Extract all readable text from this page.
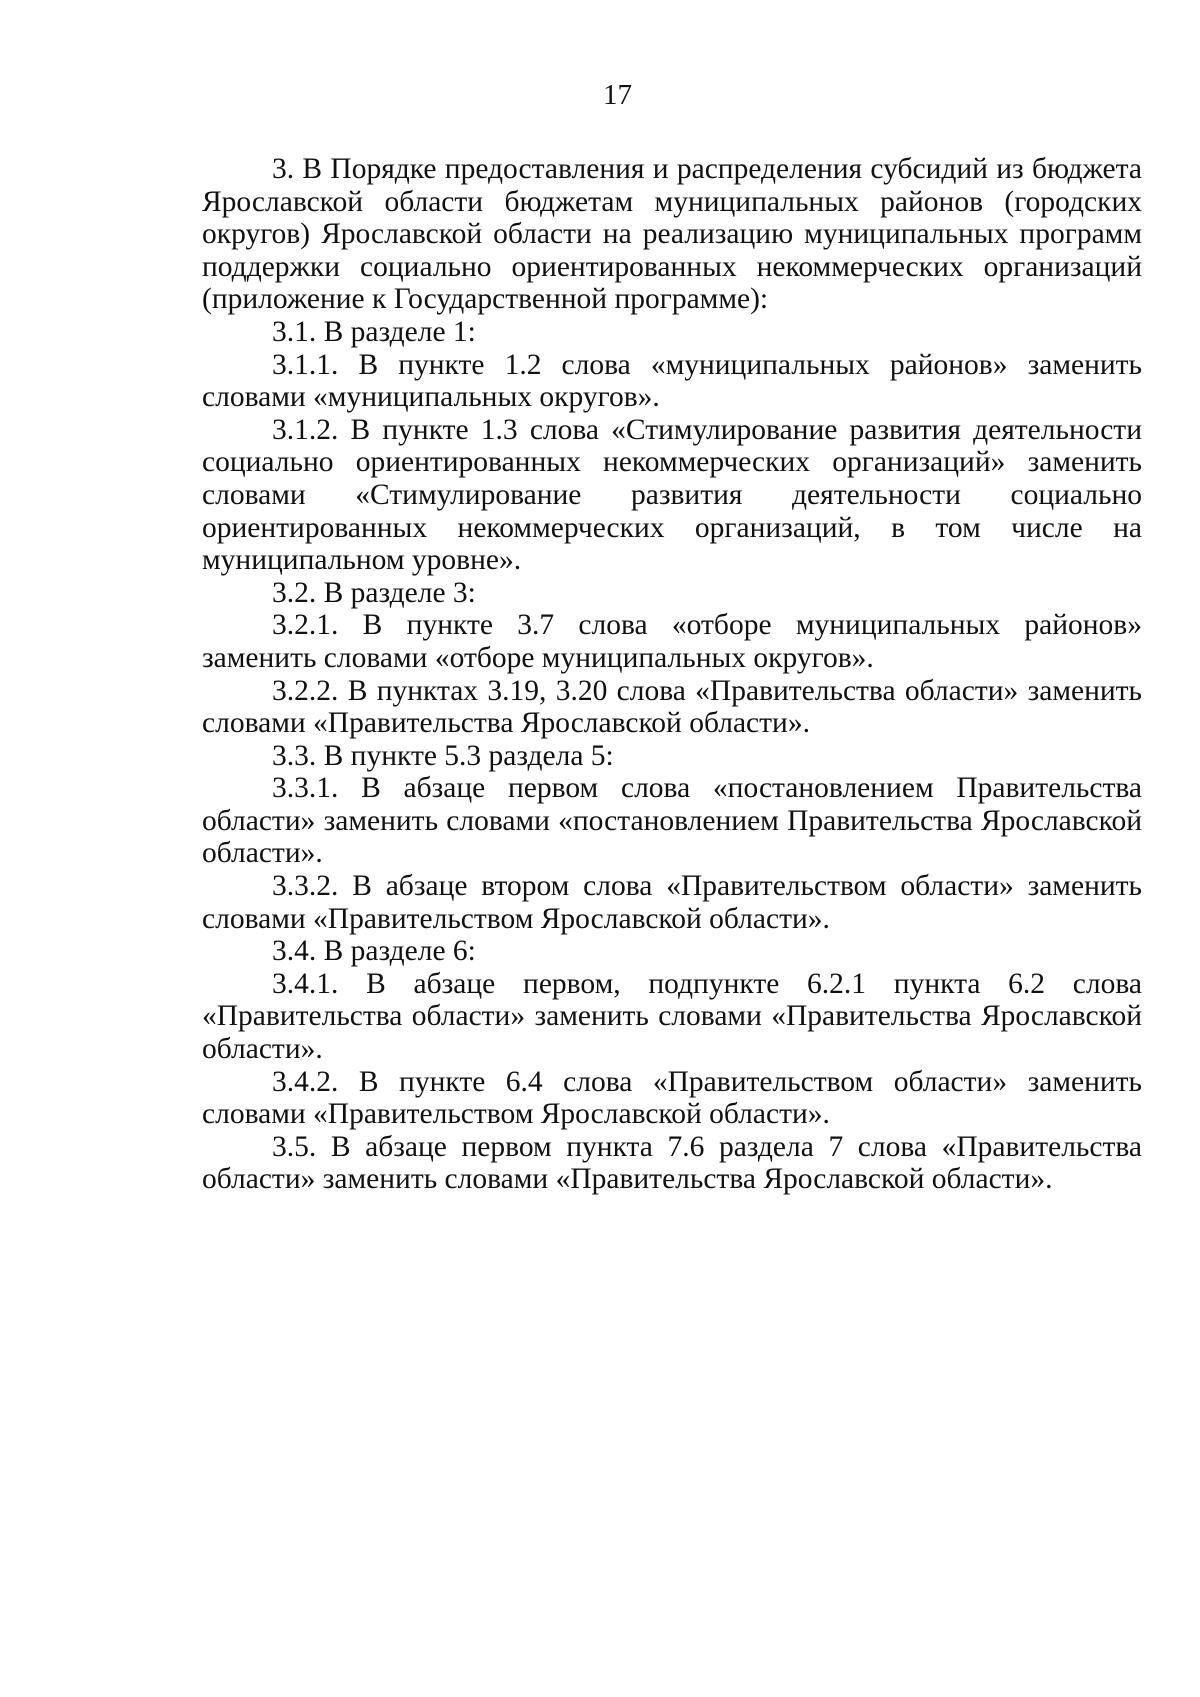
17

3. В Порядке предоставления и распределения субсидий из бюджета Ярославской области бюджетам муниципальных районов (городских округов) Ярославской области на реализацию муниципальных программ поддержки социально ориентированных некоммерческих организаций (приложение к Государственной программе):

3.1. В разделе 1:

3.1.1. В пункте 1.2 слова «муниципальных районов» заменить словами «муниципальных округов».

3.1.2. В пункте 1.3 слова «Стимулирование развития деятельности социально ориентированных некоммерческих организаций» заменить словами «Стимулирование развития деятельности социально ориентированных некоммерческих организаций, в том числе на муниципальном уровне».

3.2. В разделе 3:

3.2.1. В пункте 3.7 слова «отборе муниципальных районов» заменить словами «отборе муниципальных округов».

3.2.2. В пунктах 3.19, 3.20 слова «Правительства области» заменить словами «Правительства Ярославской области».

3.3. В пункте 5.3 раздела 5:

3.3.1. В абзаце первом слова «постановлением Правительства области» заменить словами «постановлением Правительства Ярославской области».

3.3.2. В абзаце втором слова «Правительством области» заменить словами «Правительством Ярославской области».

3.4. В разделе 6:

3.4.1. В абзаце первом, подпункте 6.2.1 пункта 6.2 слова «Правительства области» заменить словами «Правительства Ярославской области».

3.4.2. В пункте 6.4 слова «Правительством области» заменить словами «Правительством Ярославской области».

3.5. В абзаце первом пункта 7.6 раздела 7 слова «Правительства области» заменить словами «Правительства Ярославской области».
